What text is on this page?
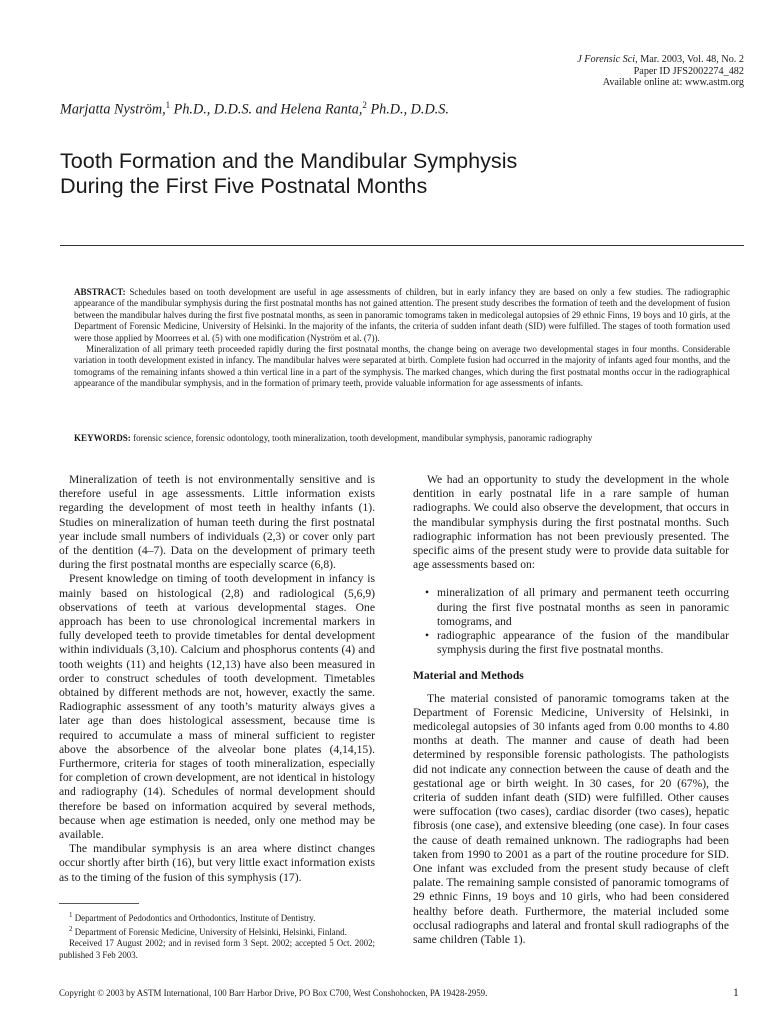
J Forensic Sci, Mar. 2003, Vol. 48, No. 2
Paper ID JFS2002274_482
Available online at: www.astm.org
Marjatta Nyström,$^1$ Ph.D., D.D.S. and Helena Ranta,$^2$ Ph.D., D.D.S.
Tooth Formation and the Mandibular Symphysis
During the First Five Postnatal Months

ABSTRACT: Schedules based on tooth development are useful in age assessments of children, but in early infancy they are based on only a few studies. The radiographic appearance of the mandibular symphysis during the first postnatal months has not gained attention. The present study describes the formation of teeth and the development of fusion between the mandibular halves during the first five postnatal months, as seen in panoramic tomograms taken in medicolegal autopsies of 29 ethnic Finns, 19 boys and 10 girls, at the Department of Forensic Medicine, University of Helsinki. In the majority of the infants, the criteria of sudden infant death (SID) were fulfilled. The stages of tooth formation used were those applied by Moorrees et al. (5) with one modification (Nyström et al. (7)).

Mineralization of all primary teeth proceeded rapidly during the first postnatal months, the change being on average two developmental stages in four months. Considerable variation in tooth development existed in infancy. The mandibular halves were separated at birth. Complete fusion had occurred in the majority of infants aged four months, and the tomograms of the remaining infants showed a thin vertical line in a part of the symphysis. The marked changes, which during the first postnatal months occur in the radiographical appearance of the mandibular symphysis, and in the formation of primary teeth, provide valuable information for age assessments of infants.

KEYWORDS: forensic science, forensic odontology, tooth mineralization, tooth development, mandibular symphysis, panoramic radiography

Mineralization of teeth is not environmentally sensitive and is therefore useful in age assessments. Little information exists regarding the development of most teeth in healthy infants (1). Studies on mineralization of human teeth during the first postnatal year include small numbers of individuals (2,3) or cover only part of the dentition (4–7). Data on the development of primary teeth during the first postnatal months are especially scarce (6,8).

Present knowledge on timing of tooth development in infancy is mainly based on histological (2,8) and radiological (5,6,9) observations of teeth at various developmental stages. One approach has been to use chronological incremental markers in fully developed teeth to provide timetables for dental development within individuals (3,10). Calcium and phosphorus contents (4) and tooth weights (11) and heights (12,13) have also been measured in order to construct schedules of tooth development. Timetables obtained by different methods are not, however, exactly the same. Radiographic assessment of any tooth’s maturity always gives a later age than does histological assessment, because time is required to accumulate a mass of mineral sufficient to register above the absorbence of the alveolar bone plates (4,14,15). Furthermore, criteria for stages of tooth mineralization, especially for completion of crown development, are not identical in histology and radiography (14). Schedules of normal development should therefore be based on information acquired by several methods, because when age estimation is needed, only one method may be available.

The mandibular symphysis is an area where distinct changes occur shortly after birth (16), but very little exact information exists as to the timing of the fusion of this symphysis (17).

$^1$ Department of Pedodontics and Orthodontics, Institute of Dentistry.

$^2$ Department of Forensic Medicine, University of Helsinki, Helsinki, Finland.

Received 17 August 2002; and in revised form 3 Sept. 2002; accepted 5 Oct. 2002; published 3 Feb 2003.

We had an opportunity to study the development in the whole dentition in early postnatal life in a rare sample of human radiographs. We could also observe the development, that occurs in the mandibular symphysis during the first postnatal months. Such radiographic information has not been previously presented. The specific aims of the present study were to provide data suitable for age assessments based on:

• mineralization of all primary and permanent teeth occurring during the first five postnatal months as seen in panoramic tomograms, and
• radiographic appearance of the fusion of the mandibular symphysis during the first five postnatal months.
Material and Methods

The material consisted of panoramic tomograms taken at the Department of Forensic Medicine, University of Helsinki, in medicolegal autopsies of 30 infants aged from 0.00 months to 4.80 months at death. The manner and cause of death had been determined by responsible forensic pathologists. The pathologists did not indicate any connection between the cause of death and the gestational age or birth weight. In 30 cases, for 20 (67%), the criteria of sudden infant death (SID) were fulfilled. Other causes were suffocation (two cases), cardiac disorder (two cases), hepatic fibrosis (one case), and extensive bleeding (one case). In four cases the cause of death remained unknown. The radiographs had been taken from 1990 to 2001 as a part of the routine procedure for SID. One infant was excluded from the present study because of cleft palate. The remaining sample consisted of panoramic tomograms of 29 ethnic Finns, 19 boys and 10 girls, who had been considered healthy before death. Furthermore, the material included some occlusal radiographs and lateral and frontal skull radiographs of the same children (Table 1).

Copyright © 2003 by ASTM International, 100 Barr Harbor Drive, PO Box C700, West Conshohocken, PA 19428-2959.	1
